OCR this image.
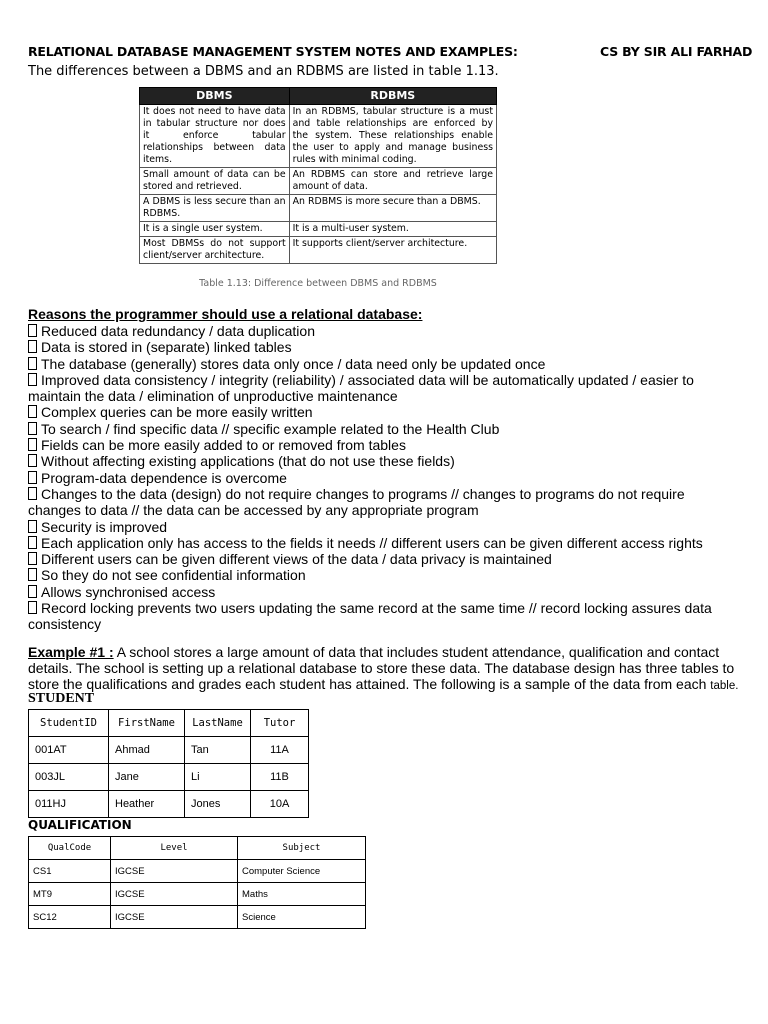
RELATIONAL DATABASE MANAGEMENT SYSTEM NOTES AND EXAMPLES:	CS BY SIR ALI FARHAD
The differences between a DBMS and an RDBMS are listed in table 1.13.
DBMS	RDBMS
It does not need to have data in tabular structure nor does it enforce tabular relationships between data items.	In an RDBMS, tabular structure is a must and table relationships are enforced by the system. These relationships enable the user to apply and manage business rules with minimal coding.
Small amount of data can be stored and retrieved.	An RDBMS can store and retrieve large amount of data.
A DBMS is less secure than an RDBMS.	An RDBMS is more secure than a DBMS.
It is a single user system.	It is a multi-user system.
Most DBMSs do not support client/server architecture.	It supports client/server architecture.
Table 1.13: Difference between DBMS and RDBMS
Reasons the programmer should use a relational database:
Reduced data redundancy / data duplication
Data is stored in (separate) linked tables
The database (generally) stores data only once / data need only be updated once
Improved data consistency / integrity (reliability) / associated data will be automatically updated / easier to maintain the data / elimination of unproductive maintenance
Complex queries can be more easily written
To search / find specific data // specific example related to the Health Club
Fields can be more easily added to or removed from tables
Without affecting existing applications (that do not use these fields)
Program-data dependence is overcome
Changes to the data (design) do not require changes to programs // changes to programs do not require changes to data // the data can be accessed by any appropriate program
Security is improved
Each application only has access to the fields it needs // different users can be given different access rights
Different users can be given different views of the data / data privacy is maintained
So they do not see confidential information
Allows synchronised access
Record locking prevents two users updating the same record at the same time // record locking assures data consistency
Example #1 : A school stores a large amount of data that includes student attendance, qualification and contact details. The school is setting up a relational database to store these data. The database design has three tables to store the qualifications and grades each student has attained. The following is a sample of the data from each table.
STUDENT
StudentID	FirstName	LastName	Tutor
001AT	Ahmad	Tan	11A
003JL	Jane	Li	11B
011HJ	Heather	Jones	10A
QUALIFICATION
QualCode	Level	Subject
CS1	IGCSE	Computer Science
MT9	IGCSE	Maths
SC12	IGCSE	Science
